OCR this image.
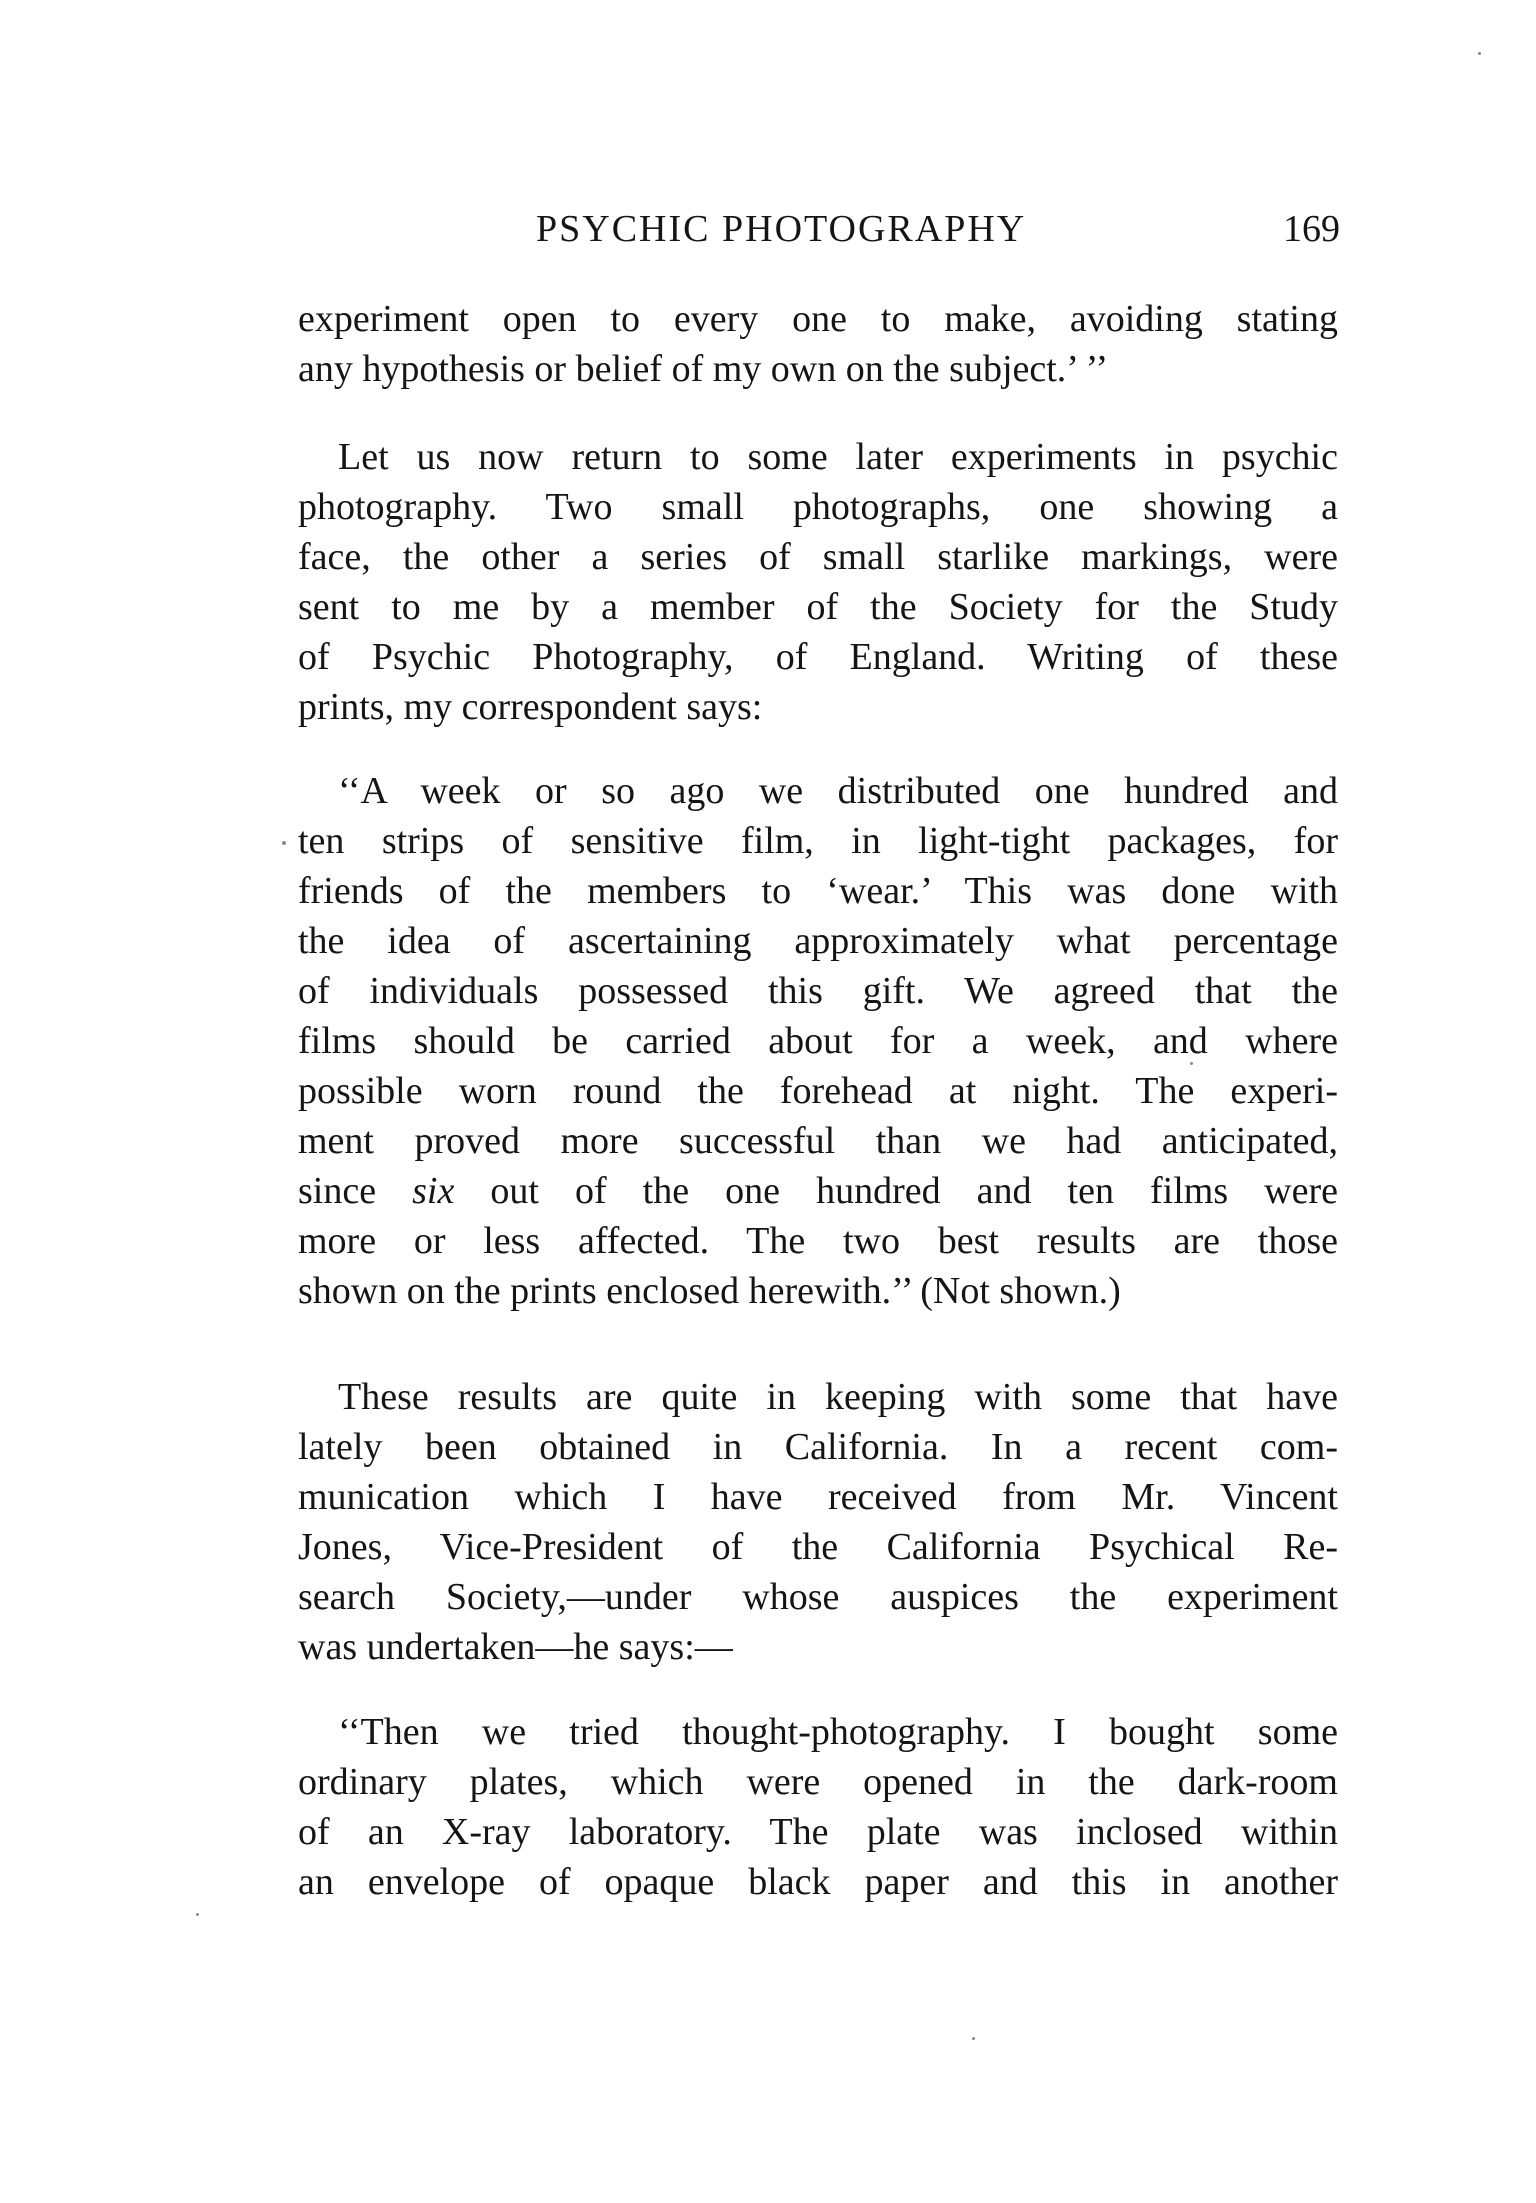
PSYCHIC PHOTOGRAPHY	169

experiment open to every one to make, avoiding stating
any hypothesis or belief of my own on the subject.’ ’’

Let us now return to some later experiments in psychic
photography. Two small photographs, one showing a
face, the other a series of small starlike markings, were
sent to me by a member of the Society for the Study
of Psychic Photography, of England. Writing of these
prints, my correspondent says:

‘‘A week or so ago we distributed one hundred and
ten strips of sensitive film, in light-tight packages, for
friends of the members to ‘wear.’ This was done with
the idea of ascertaining approximately what percentage
of individuals possessed this gift. We agreed that the
films should be carried about for a week, and where
possible worn round the forehead at night. The experi-
ment proved more successful than we had anticipated,
since six out of the one hundred and ten films were
more or less affected. The two best results are those
shown on the prints enclosed herewith.’’ (Not shown.)

These results are quite in keeping with some that have
lately been obtained in California. In a recent com-
munication which I have received from Mr. Vincent
Jones, Vice-President of the California Psychical Re-
search Society,—under whose auspices the experiment
was undertaken—he says:—

‘‘Then we tried thought-photography. I bought some
ordinary plates, which were opened in the dark-room
of an X-ray laboratory. The plate was inclosed within
an envelope of opaque black paper and this in another
